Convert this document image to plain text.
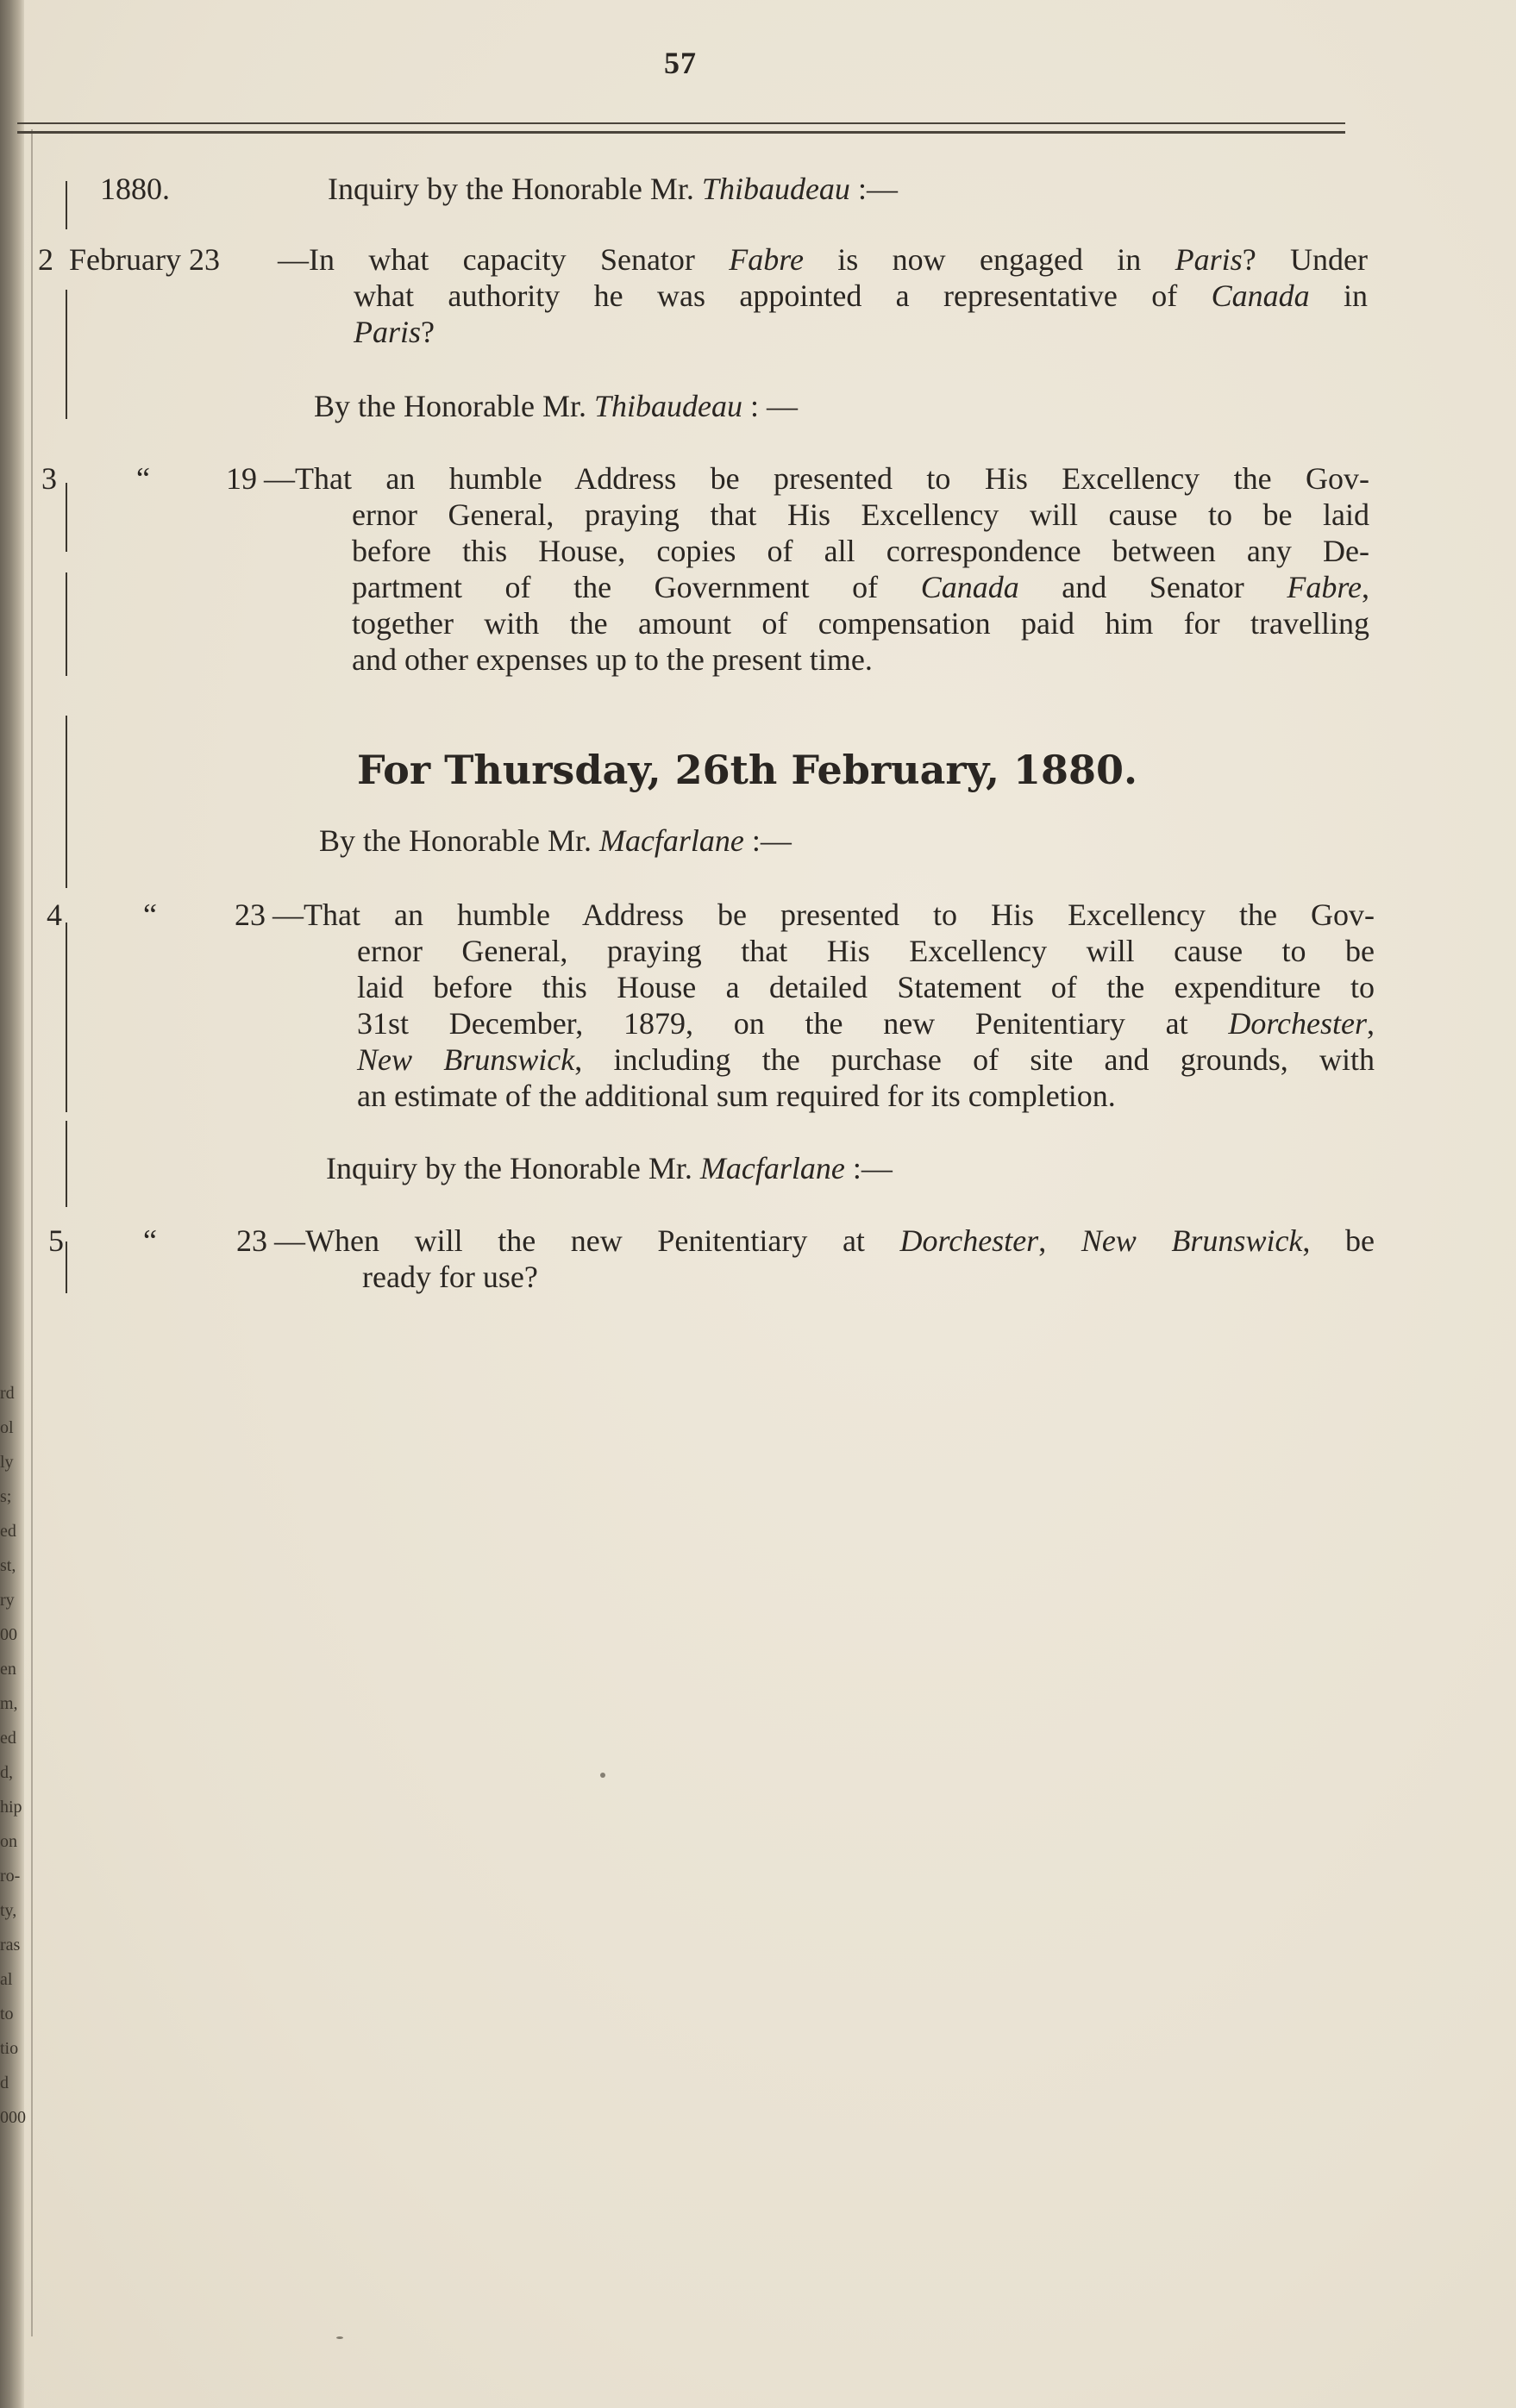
rd
ol
ly
s;
ed
st,
ry
00
en
m,
ed
d,
hip
on
ro-
ty,
ras
al
to
tio
d
000
57
1880.	Inquiry by the Honorable Mr. Thibaudeau :—
2 February 23 —In what capacity Senator Fabre is now engaged in Paris? Under
what authority he was appointed a representative of Canada in
Paris?
By the Honorable Mr. Thibaudeau : —
3	“ 19 —That an humble Address be presented to His Excellency the Gov-
ernor General, praying that His Excellency will cause to be laid
before this House, copies of all correspondence between any De-
partment of the Government of Canada and Senator Fabre,
together with the amount of compensation paid him for travelling
and other expenses up to the present time.
For Thursday, 26th February, 1880.
By the Honorable Mr. Macfarlane :—
4	“	23 —That an humble Address be presented to His Excellency the Gov-
ernor General, praying that His Excellency will cause to be
laid before this House a detailed Statement of the expenditure to
31st December, 1879, on the new Penitentiary at Dorchester,
New Brunswick, including the purchase of site and grounds, with
an estimate of the additional sum required for its completion.
Inquiry by the Honorable Mr. Macfarlane :—
5	“	23 —When will the new Penitentiary at Dorchester, New Brunswick, be
ready for use?
